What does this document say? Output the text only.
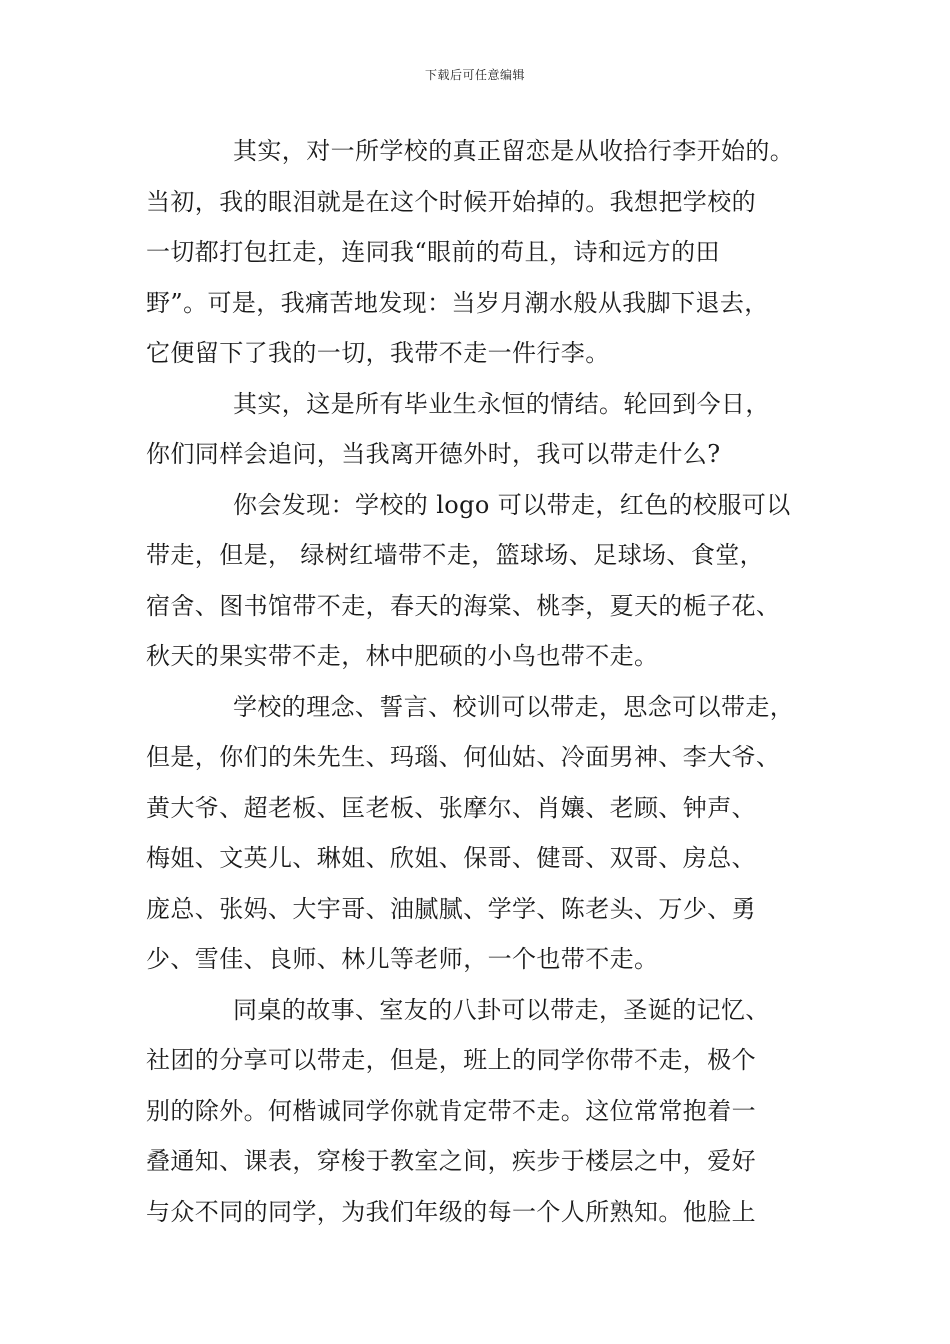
下载后可任意编辑
其实，对一所学校的真正留恋是从收拾行李开始的。
当初，我的眼泪就是在这个时候开始掉的。我想把学校的
一切都打包扛走，连同我“眼前的苟且，诗和远方的田
野”。可是，我痛苦地发现：当岁月潮水般从我脚下退去，
它便留下了我的一切，我带不走一件行李。
其实，这是所有毕业生永恒的情结。轮回到今日，
你们同样会追问，当我离开德外时，我可以带走什么?
你会发现：学校的 logo 可以带走，红色的校服可以
带走，但是， 绿树红墙带不走，篮球场、足球场、食堂，
宿舍、图书馆带不走，春天的海棠、桃李，夏天的栀子花、
秋天的果实带不走，林中肥硕的小鸟也带不走。
学校的理念、誓言、校训可以带走，思念可以带走，
但是，你们的朱先生、玛瑙、何仙姑、冷面男神、李大爷、
黄大爷、超老板、匡老板、张摩尔、肖孃、老顾、钟声、
梅姐、文英儿、琳姐、欣姐、保哥、健哥、双哥、房总、
庞总、张妈、大宇哥、油腻腻、学学、陈老头、万少、勇
少、雪佳、良师、林儿等老师，一个也带不走。
同桌的故事、室友的八卦可以带走，圣诞的记忆、
社团的分享可以带走，但是，班上的同学你带不走，极个
别的除外。何楷诚同学你就肯定带不走。这位常常抱着一
叠通知、课表，穿梭于教室之间，疾步于楼层之中，爱好
与众不同的同学，为我们年级的每一个人所熟知。他脸上
